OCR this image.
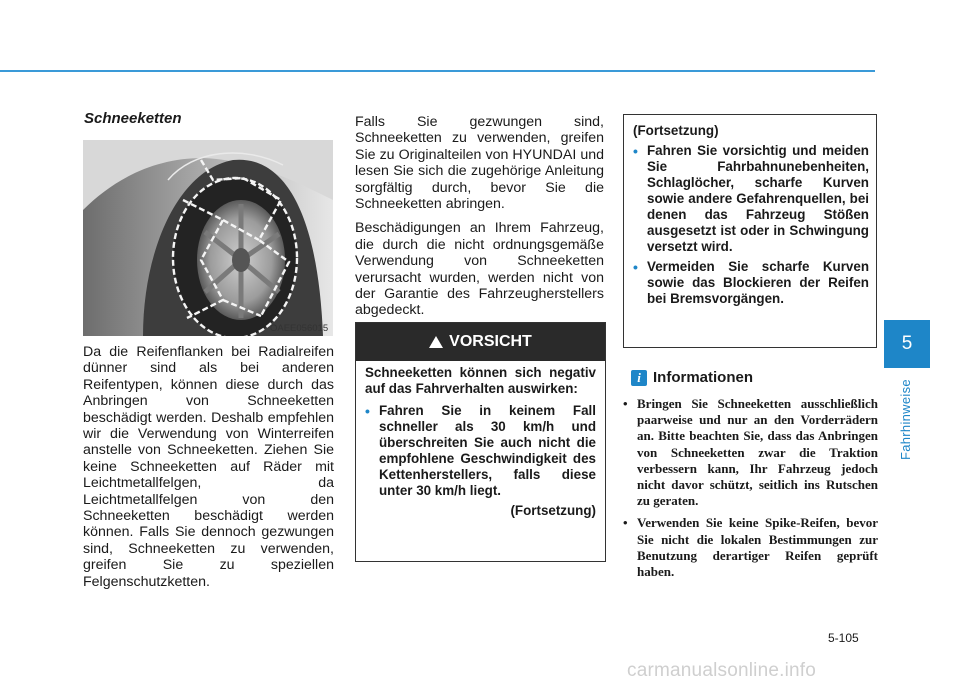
5
Fahrhinweise
Schneeketten
OAEE056015

Da die Reifenflanken bei Radialreifen dünner sind als bei anderen Reifentypen, können diese durch das Anbringen von Schneeketten beschädigt werden. Deshalb empfehlen wir die Verwendung von Winterreifen anstelle von Schneeketten. Ziehen Sie keine Schneeketten auf Räder mit Leichtmetallfelgen, da Leichtmetallfelgen von den Schneeketten beschädigt werden können. Falls Sie dennoch gezwungen sind, Schneeketten zu verwenden, greifen Sie zu speziellen Felgenschutzketten.

Falls Sie gezwungen sind, Schneeketten zu verwenden, greifen Sie zu Originalteilen von HYUNDAI und lesen Sie sich die zugehörige Anleitung sorgfältig durch, bevor Sie die Schneeketten abringen.

Beschädigungen an Ihrem Fahrzeug, die durch die nicht ordnungsgemäße Verwendung von Schneeketten verursacht wurden, werden nicht von der Garantie des Fahrzeugherstellers abgedeckt.

VORSICHT

Schneeketten können sich negativ auf das Fahrverhalten auswirken:

• Fahren Sie in keinem Fall schneller als 30 km/h und überschreiten Sie auch nicht die empfohlene Geschwindigkeit des Kettenherstellers, falls diese unter 30 km/h liegt.
(Fortsetzung)

(Fortsetzung)

• Fahren Sie vorsichtig und meiden Sie Fahrbahnunebenheiten, Schlaglöcher, scharfe Kurven sowie andere Gefahrenquellen, bei denen das Fahrzeug Stößen ausgesetzt ist oder in Schwingung versetzt wird.
• Vermeiden Sie scharfe Kurven sowie das Blockieren der Reifen bei Bremsvorgängen.
i Informationen
• Bringen Sie Schneeketten ausschließlich paarweise und nur an den Vorderrädern an. Bitte beachten Sie, dass das Anbringen von Schneeketten zwar die Traktion verbessern kann, Ihr Fahrzeug jedoch nicht davor schützt, seitlich ins Rutschen zu geraten.
• Verwenden Sie keine Spike-Reifen, bevor Sie nicht die lokalen Bestimmungen zur Benutzung derartiger Reifen geprüft haben.
5-105
carmanualsonline.info
